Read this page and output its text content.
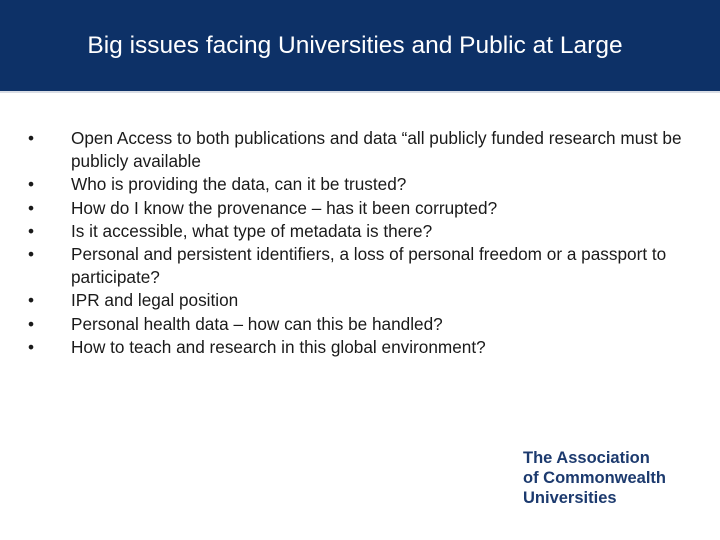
Big issues facing Universities and Public at Large
•	Open Access to both publications and data “all publicly funded research must be publicly available
•	Who is providing the data, can it be trusted?
•	How do I know the provenance – has it been corrupted?
•	Is it accessible, what type of metadata is there?
•	Personal and persistent identifiers, a loss of personal freedom or a passport to participate?
•	IPR and legal position
•	Personal health data – how can this be handled?
•	How to teach and research in this global environment?
The Association
of Commonwealth
Universities
